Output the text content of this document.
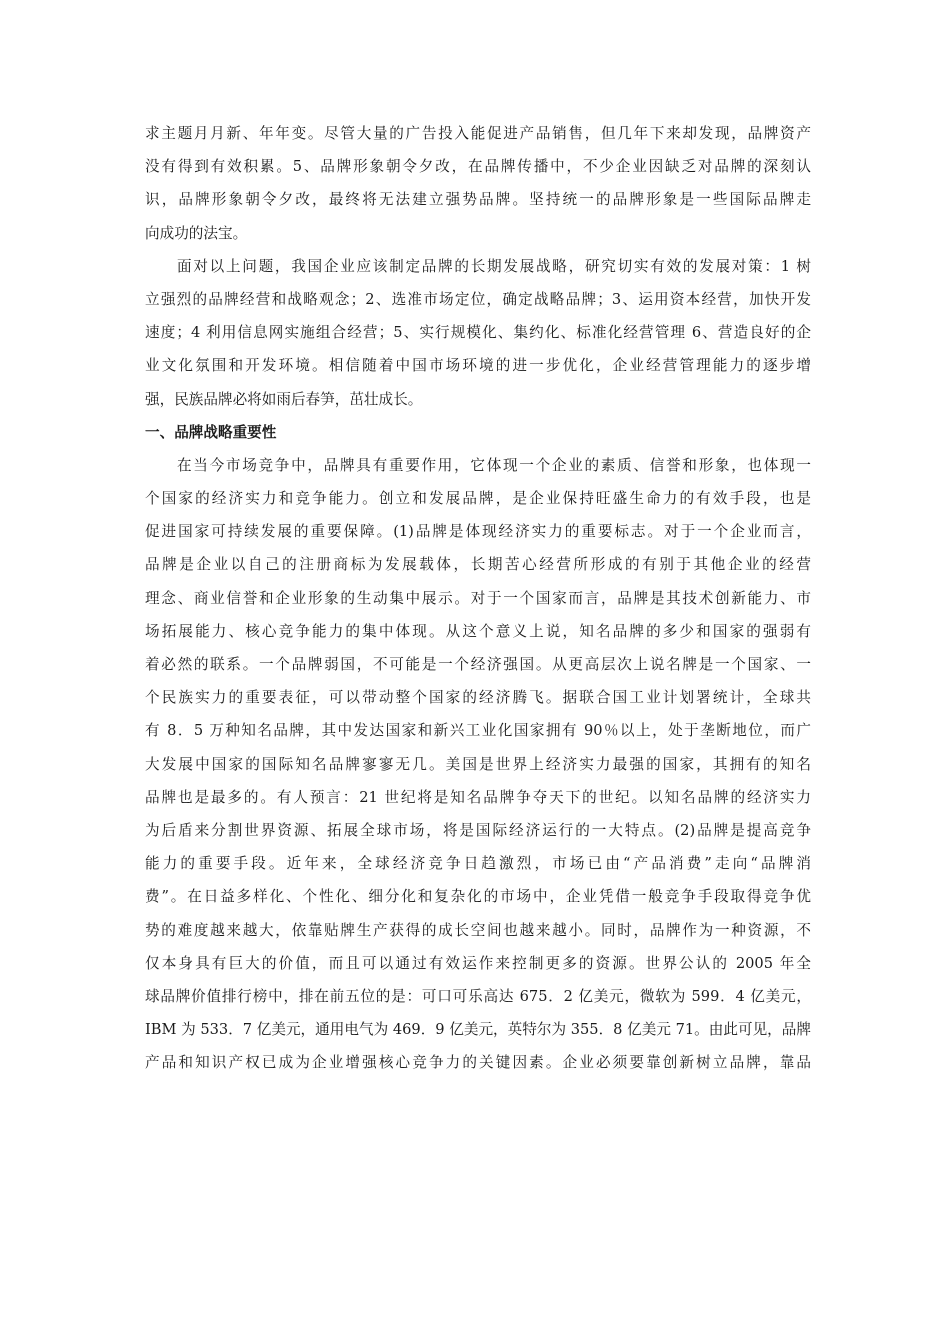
求主题月月新、年年变。尽管大量的广告投入能促进产品销售，但几年下来却发现，品牌资产
没有得到有效积累。5、品牌形象朝令夕改，在品牌传播中，不少企业因缺乏对品牌的深刻认
识，品牌形象朝令夕改，最终将无法建立强势品牌。坚持统一的品牌形象是一些国际品牌走
向成功的法宝。
面对以上问题，我国企业应该制定品牌的长期发展战略，研究切实有效的发展对策：1 树
立强烈的品牌经营和战略观念；2、选准市场定位，确定战略品牌；3、运用资本经营，加快开发
速度；4 利用信息网实施组合经营；5、实行规模化、集约化、标准化经营管理 6、营造良好的企
业文化氛围和开发环境。相信随着中国市场环境的进一步优化，企业经营管理能力的逐步增
强，民族品牌必将如雨后春笋，茁壮成长。
一、品牌战略重要性
在当今市场竞争中，品牌具有重要作用，它体现一个企业的素质、信誉和形象，也体现一
个国家的经济实力和竞争能力。创立和发展品牌，是企业保持旺盛生命力的有效手段，也是
促进国家可持续发展的重要保障。(1)品牌是体现经济实力的重要标志。对于一个企业而言，
品牌是企业以自己的注册商标为发展载体，长期苦心经营所形成的有别于其他企业的经营
理念、商业信誉和企业形象的生动集中展示。对于一个国家而言，品牌是其技术创新能力、市
场拓展能力、核心竞争能力的集中体现。从这个意义上说，知名品牌的多少和国家的强弱有
着必然的联系。一个品牌弱国，不可能是一个经济强国。从更高层次上说名牌是一个国家、一
个民族实力的重要表征，可以带动整个国家的经济腾飞。据联合国工业计划署统计，全球共
有 8．5 万种知名品牌，其中发达国家和新兴工业化国家拥有 90％以上，处于垄断地位，而广
大发展中国家的国际知名品牌寥寥无几。美国是世界上经济实力最强的国家，其拥有的知名
品牌也是最多的。有人预言：21 世纪将是知名品牌争夺天下的世纪。以知名品牌的经济实力
为后盾来分割世界资源、拓展全球市场，将是国际经济运行的一大特点。(2)品牌是提高竞争
能力的重要手段。近年来，全球经济竞争日趋激烈，市场已由“产品消费”走向“品牌消
费”。在日益多样化、个性化、细分化和复杂化的市场中，企业凭借一般竞争手段取得竞争优
势的难度越来越大，依靠贴牌生产获得的成长空间也越来越小。同时，品牌作为一种资源，不
仅本身具有巨大的价值，而且可以通过有效运作来控制更多的资源。世界公认的 2005 年全
球品牌价值排行榜中，排在前五位的是：可口可乐高达 675．2 亿美元，微软为 599．4 亿美元，
IBM 为 533．7 亿美元，通用电气为 469．9 亿美元，英特尔为 355．8 亿美元 71。由此可见，品牌
产品和知识产权已成为企业增强核心竞争力的关键因素。企业必须要靠创新树立品牌，靠品
